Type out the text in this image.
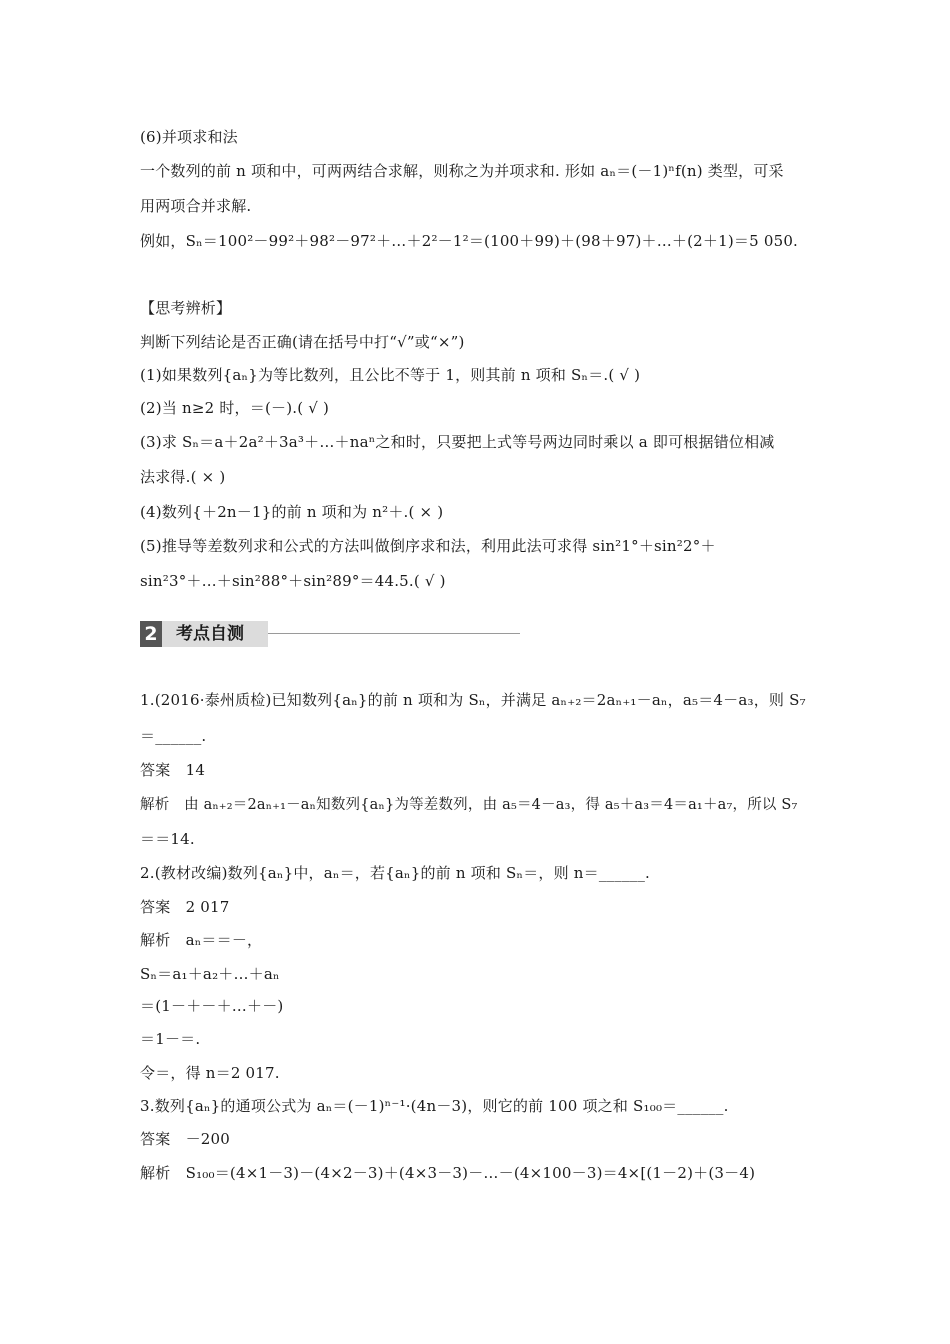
(6)并项求和法
一个数列的前 n 项和中，可两两结合求解，则称之为并项求和. 形如 aₙ＝(－1)ⁿf(n) 类型，可采
用两项合并求解.
例如，Sₙ＝100²－99²＋98²－97²＋…＋2²－1²＝(100＋99)＋(98＋97)＋…＋(2＋1)＝5 050.
【思考辨析】
判断下列结论是否正确(请在括号中打“√”或“×”)
(1)如果数列{aₙ}为等比数列，且公比不等于 1，则其前 n 项和 Sₙ＝.( √ )
(2)当 n≥2 时，＝(－).( √ )
(3)求 Sₙ＝a＋2a²＋3a³＋…＋naⁿ之和时，只要把上式等号两边同时乘以 a 即可根据错位相减
法求得.( × )
(4)数列{＋2n－1}的前 n 项和为 n²＋.( × )
(5)推导等差数列求和公式的方法叫做倒序求和法，利用此法可求得 sin²1°＋sin²2°＋
sin²3°＋…＋sin²88°＋sin²89°＝44.5.( √ )
2 考点自测
1.(2016·泰州质检)已知数列{aₙ}的前 n 项和为 Sₙ，并满足 aₙ₊₂＝2aₙ₊₁－aₙ，a₅＝4－a₃，则 S₇
＝______.
答案　14
解析　由 aₙ₊₂＝2aₙ₊₁－aₙ知数列{aₙ}为等差数列，由 a₅＝4－a₃，得 a₅＋a₃＝4＝a₁＋a₇，所以 S₇
＝＝14.
2.(教材改编)数列{aₙ}中，aₙ＝，若{aₙ}的前 n 项和 Sₙ＝，则 n＝______.
答案　2 017
解析　aₙ＝＝－，
Sₙ＝a₁＋a₂＋…＋aₙ
＝(1－＋－＋…＋－)
＝1－＝.
令＝，得 n＝2 017.
3.数列{aₙ}的通项公式为 aₙ＝(－1)ⁿ⁻¹·(4n－3)，则它的前 100 项之和 S₁₀₀＝______.
答案　－200
解析　S₁₀₀＝(4×1－3)－(4×2－3)＋(4×3－3)－…－(4×100－3)＝4×[(1－2)＋(3－4)
